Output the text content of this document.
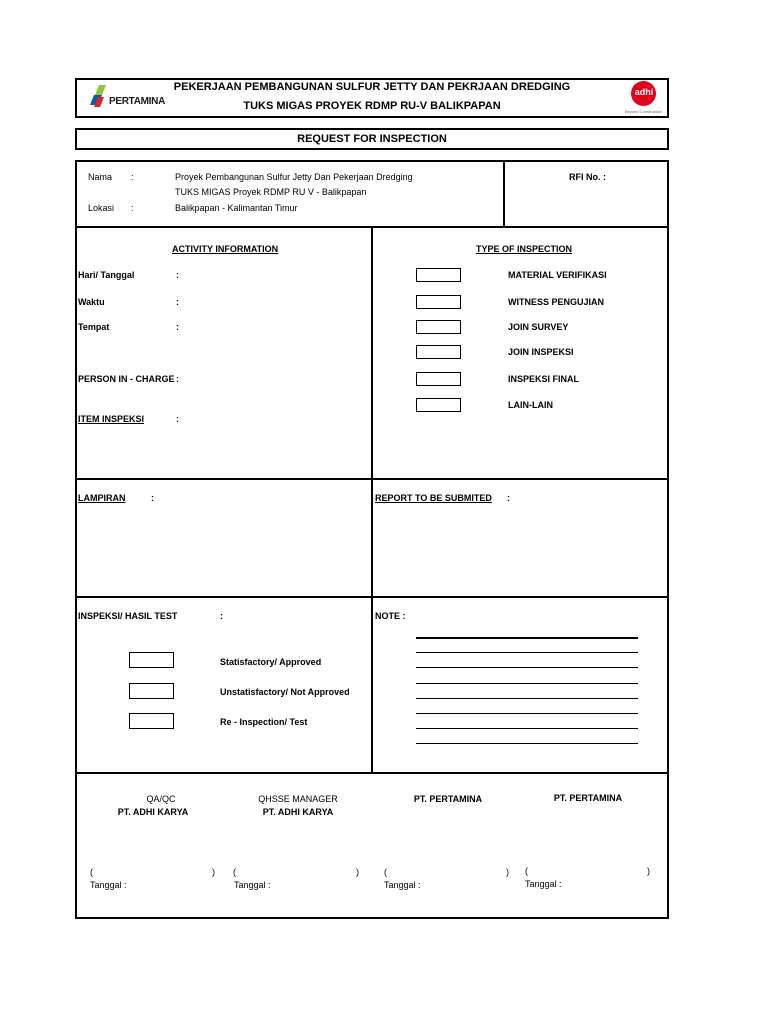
PERTAMINA
PEKERJAAN PEMBANGUNAN SULFUR JETTY DAN PEKRJAAN DREDGING
TUKS MIGAS PROYEK RDMP RU-V BALIKPAPAN
adhi
Beyond Construction
REQUEST FOR INSPECTION
Nama :	Proyek Pembangunan Sulfur Jetty Dan Pekerjaan Dredging
TUKS MIGAS Proyek RDMP RU V - Balikpapan
Lokasi :	Balikpapan - Kalimantan Timur
RFI No. :
ACTIVITY INFORMATION
Hari/ Tanggal	:
Waktu	:
Tempat	:
PERSON IN - CHARGE :
ITEM INSPEKSI	:
TYPE OF INSPECTION
MATERIAL VERIFIKASI
WITNESS PENGUJIAN
JOIN SURVEY
JOIN INSPEKSI
INSPEKSI FINAL
LAIN-LAIN
LAMPIRAN	:	REPORT TO BE SUBMITED :
INSPEKSI/ HASIL TEST	:
Statisfactory/ Approved
Unstatisfactory/ Not Approved
Re - Inspection/ Test
NOTE :
QA/QC
PT. ADHI KARYA
(	)
Tanggal :
QHSSE MANAGER
PT. ADHI KARYA
(	)
Tanggal :
PT. PERTAMINA
(	)
Tanggal :
PT. PERTAMINA
(	)
Tanggal :
